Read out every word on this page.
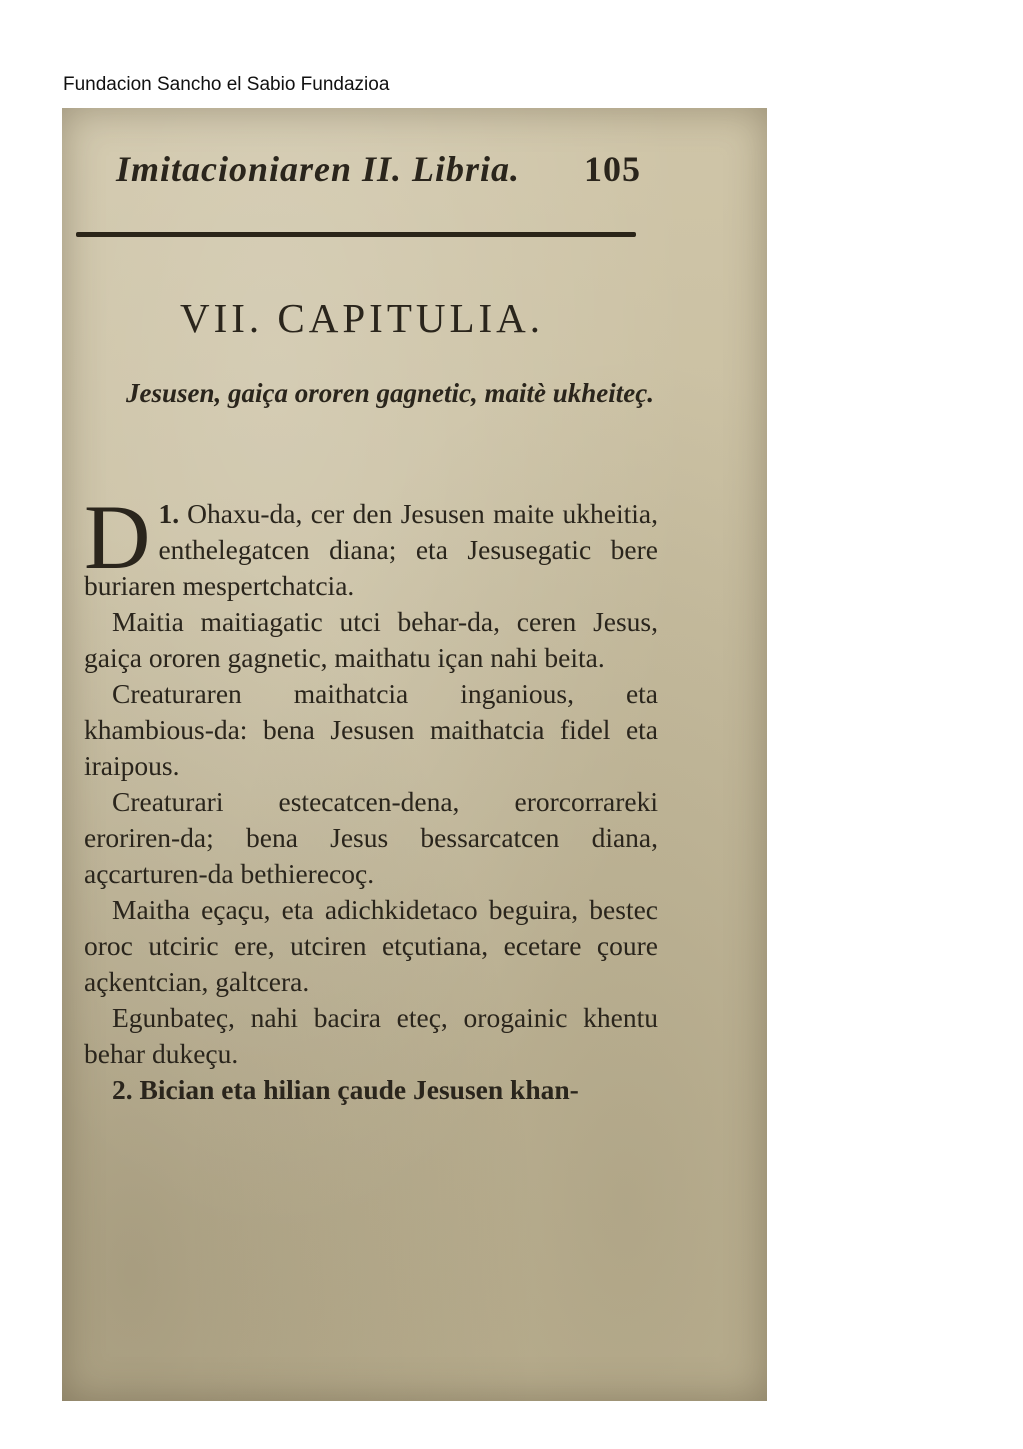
Fundacion Sancho el Sabio Fundazioa
Imitacioniaren II. Libria. 105
VII. CAPITULIA.
Jesusen, gaiça ororen gagnetic, maitè ukheiteç.

1.
D Ohaxu-da, cer den Jesusen maite ukheitia, enthelegatcen diana; eta Jesusegatic bere buriaren mespertchatcia.

Maitia maitiagatic utci behar-da, ceren Jesus, gaiça ororen gagnetic, maithatu içan nahi beita.

Creaturaren maithatcia inganious, eta khambious-da: bena Jesusen maithatcia fidel eta iraipous.

Creaturari estecatcen-dena, erorcorrareki eroriren-da; bena Jesus bessarcatcen diana, açcarturen-da bethierecoç.

Maitha eçaçu, eta adichkidetaco beguira, bestec oroc utciric ere, utciren etçutiana, ecetare çoure açkentcian, galtcera.

Egunbateç, nahi bacira eteç, orogainic khentu behar dukeçu.

2. Bician eta hilian çaude Jesusen khan-
